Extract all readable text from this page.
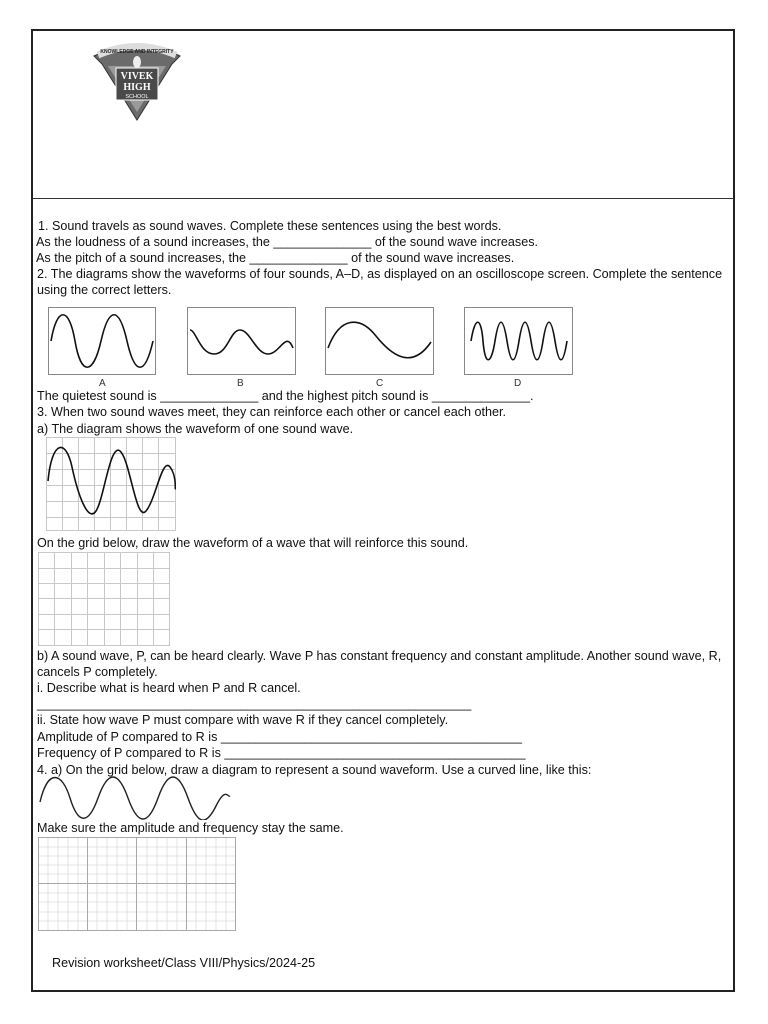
KNOWLEDGE AND INTEGRITY
VIVEK
HIGH
SCHOOL
1. Sound travels as sound waves. Complete these sentences using the best words.
As the loudness of a sound increases, the ______________ of the sound wave increases.
As the pitch of a sound increases, the ______________ of the sound wave increases.
2. The diagrams show the waveforms of four sounds, A–D, as displayed on an oscilloscope screen. Complete the sentence using the correct letters.
A	B	C	D
The quietest sound is ______________ and the highest pitch sound is ______________.
3. When two sound waves meet, they can reinforce each other or cancel each other.
a) The diagram shows the waveform of one sound wave.
On the grid below, draw the waveform of a wave that will reinforce this sound.
b) A sound wave, P, can be heard clearly. Wave P has constant frequency and constant amplitude. Another sound wave, R, cancels P completely.
i. Describe what is heard when P and R cancel.
______________________________________________________________
ii. State how wave P must compare with wave R if they cancel completely.
Amplitude of P compared to R is ___________________________________________
Frequency of P compared to R is ___________________________________________
4. a) On the grid below, draw a diagram to represent a sound waveform. Use a curved line, like this:
Make sure the amplitude and frequency stay the same.
Revision worksheet/Class VIII/Physics/2024-25
